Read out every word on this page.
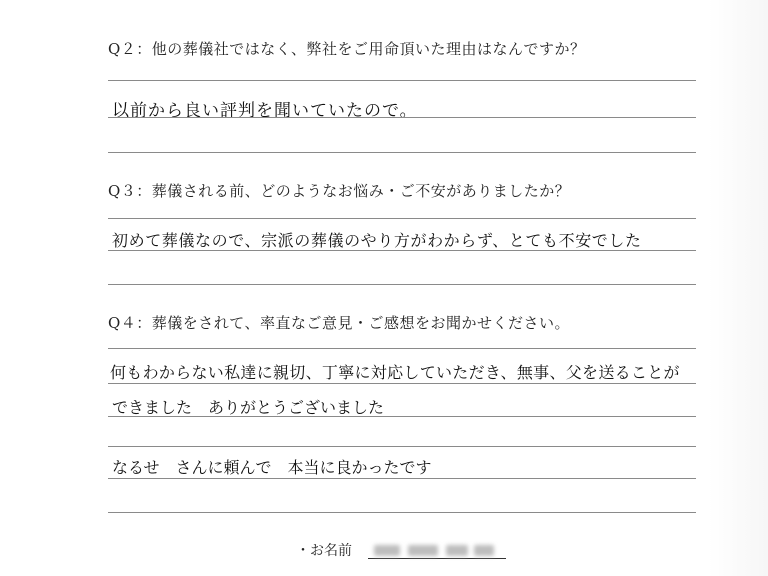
Q２：他の葬儀社ではなく、弊社をご用命頂いた理由はなんですか？
以前から良い評判を聞いていたので。
Q３：葬儀される前、どのようなお悩み・ご不安がありましたか？
初めて葬儀なので、宗派の葬儀のやり方がわからず、とても不安でした
Q４：葬儀をされて、率直なご意見・ご感想をお聞かせください。
何もわからない私達に親切、丁寧に対応していただき、無事、父を送ることが
できました　ありがとうございました
なるせ　さんに頼んで　本当に良かったです
・お名前
